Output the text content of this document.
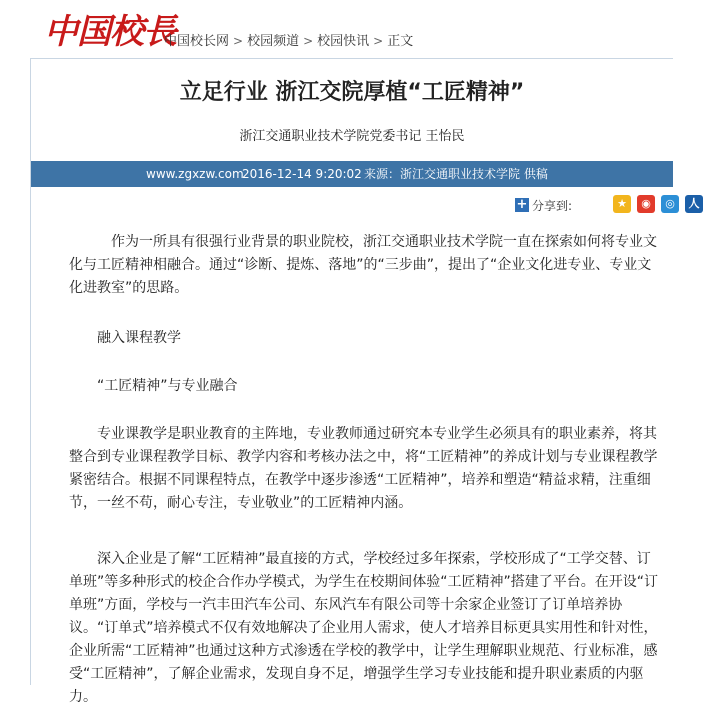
中国校長
中国校长网 > 校园频道 > 校园快讯 > 正文
立足行业 浙江交院厚植“工匠精神”
浙江交通职业技术学院党委书记 王怡民
www.zgxzw.com
2016-12-14 9:20:02 来源：浙江交通职业技术学院 供稿
+ 分享到:	★	◉	◎	人

作为一所具有很强行业背景的职业院校，浙江交通职业技术学院一直在探索如何将专业文化与工匠精神相融合。通过“诊断、提炼、落地”的“三步曲”，提出了“企业文化进专业、专业文化进教室”的思路。

融入课程教学

“工匠精神”与专业融合

专业课教学是职业教育的主阵地，专业教师通过研究本专业学生必须具有的职业素养，将其整合到专业课程教学目标、教学内容和考核办法之中，将“工匠精神”的养成计划与专业课程教学紧密结合。根据不同课程特点，在教学中逐步渗透“工匠精神”，培养和塑造“精益求精，注重细节，一丝不苟，耐心专注，专业敬业”的工匠精神内涵。

深入企业是了解“工匠精神”最直接的方式，学校经过多年探索，学校形成了“工学交替、订单班”等多种形式的校企合作办学模式，为学生在校期间体验“工匠精神”搭建了平台。在开设“订单班”方面，学校与一汽丰田汽车公司、东风汽车有限公司等十余家企业签订了订单培养协议。“订单式”培养模式不仅有效地解决了企业用人需求，使人才培养目标更具实用性和针对性，企业所需“工匠精神”也通过这种方式渗透在学校的教学中，让学生理解职业规范、行业标准，感受“工匠精神”，了解企业需求，发现自身不足，增强学生学习专业技能和提升职业素质的内驱力。
